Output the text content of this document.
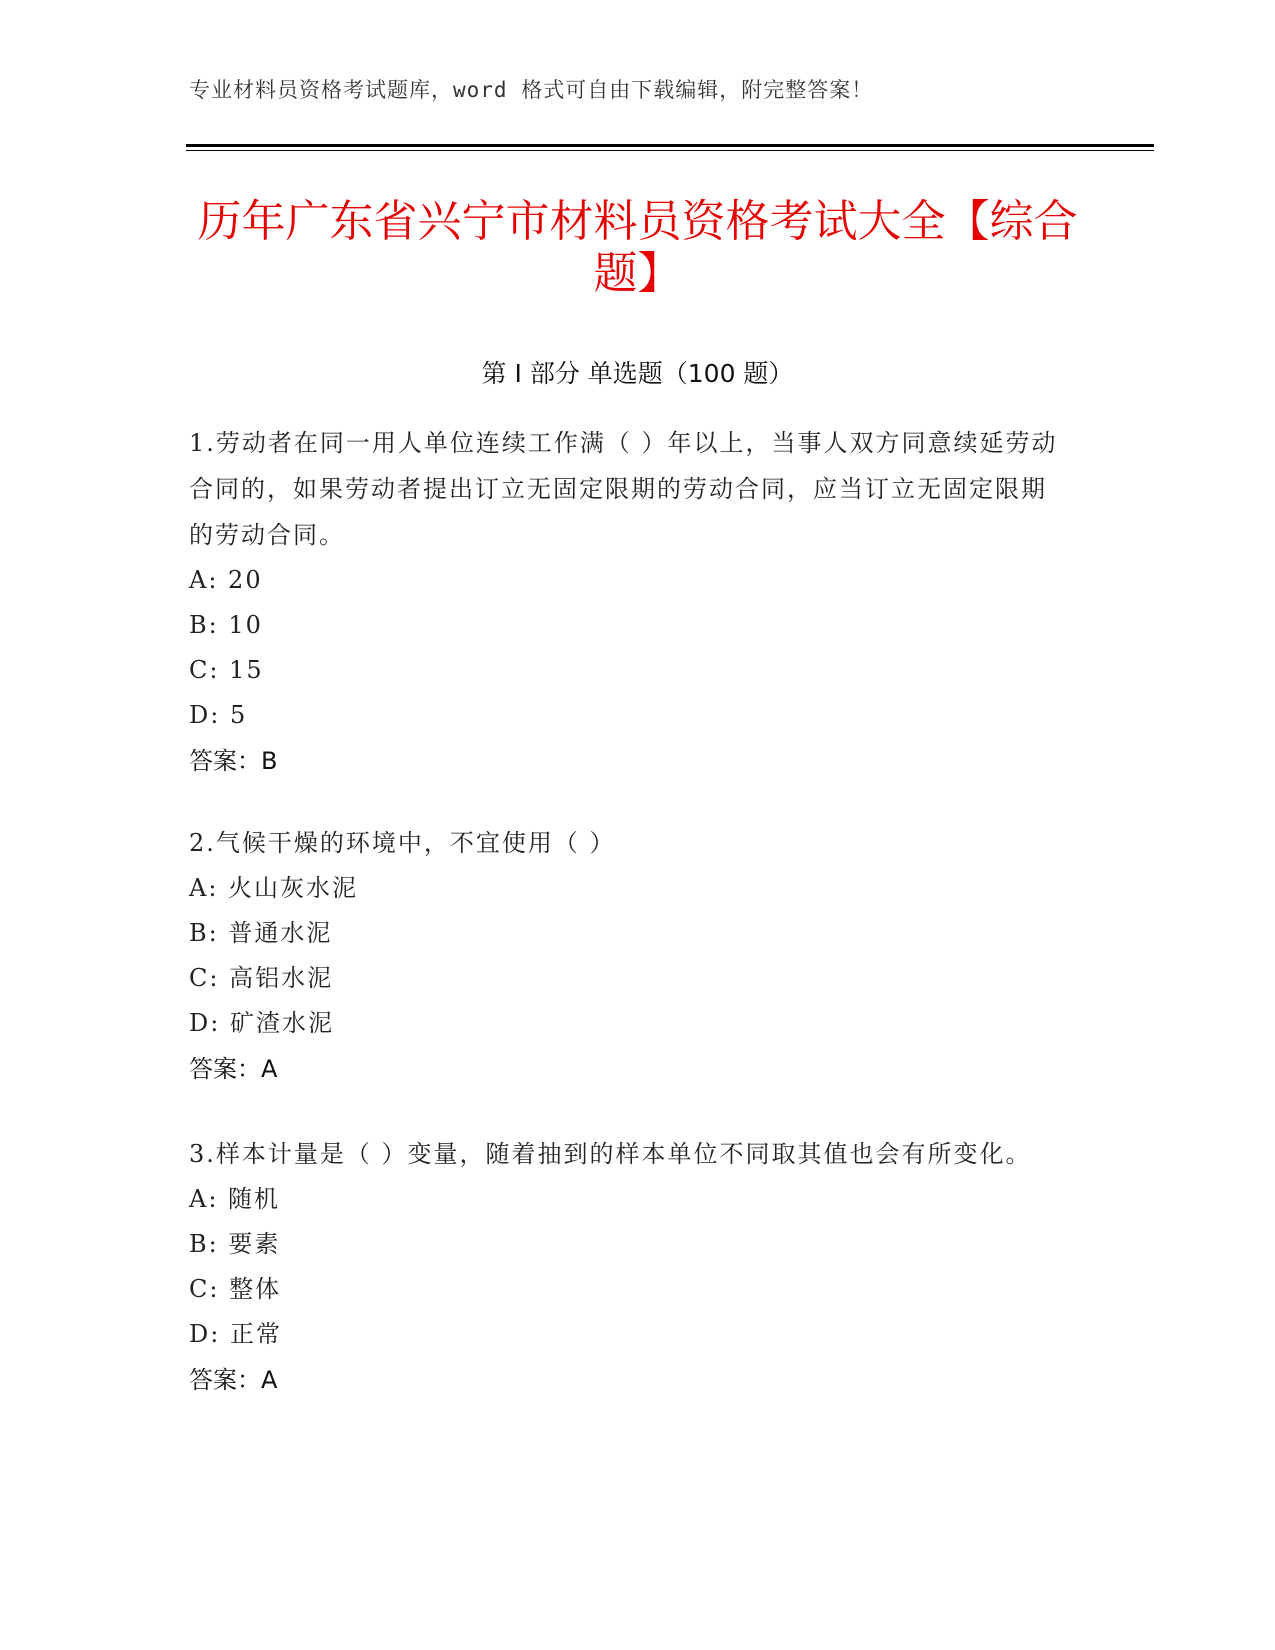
专业材料员资格考试题库，word 格式可自由下载编辑，附完整答案！
历年广东省兴宁市材料员资格考试大全【综合题】
第 I 部分 单选题（100 题）
1.劳动者在同一用人单位连续工作满（ ）年以上，当事人双方同意续延劳动合同的，如果劳动者提出订立无固定限期的劳动合同，应当订立无固定限期的劳动合同。
A: 20
B: 10
C: 15
D: 5
答案：B
2.气候干燥的环境中，不宜使用（ ）
A: 火山灰水泥
B: 普通水泥
C: 高铝水泥
D: 矿渣水泥
答案：A
3.样本计量是（ ）变量，随着抽到的样本单位不同取其值也会有所变化。
A: 随机
B: 要素
C: 整体
D: 正常
答案：A
